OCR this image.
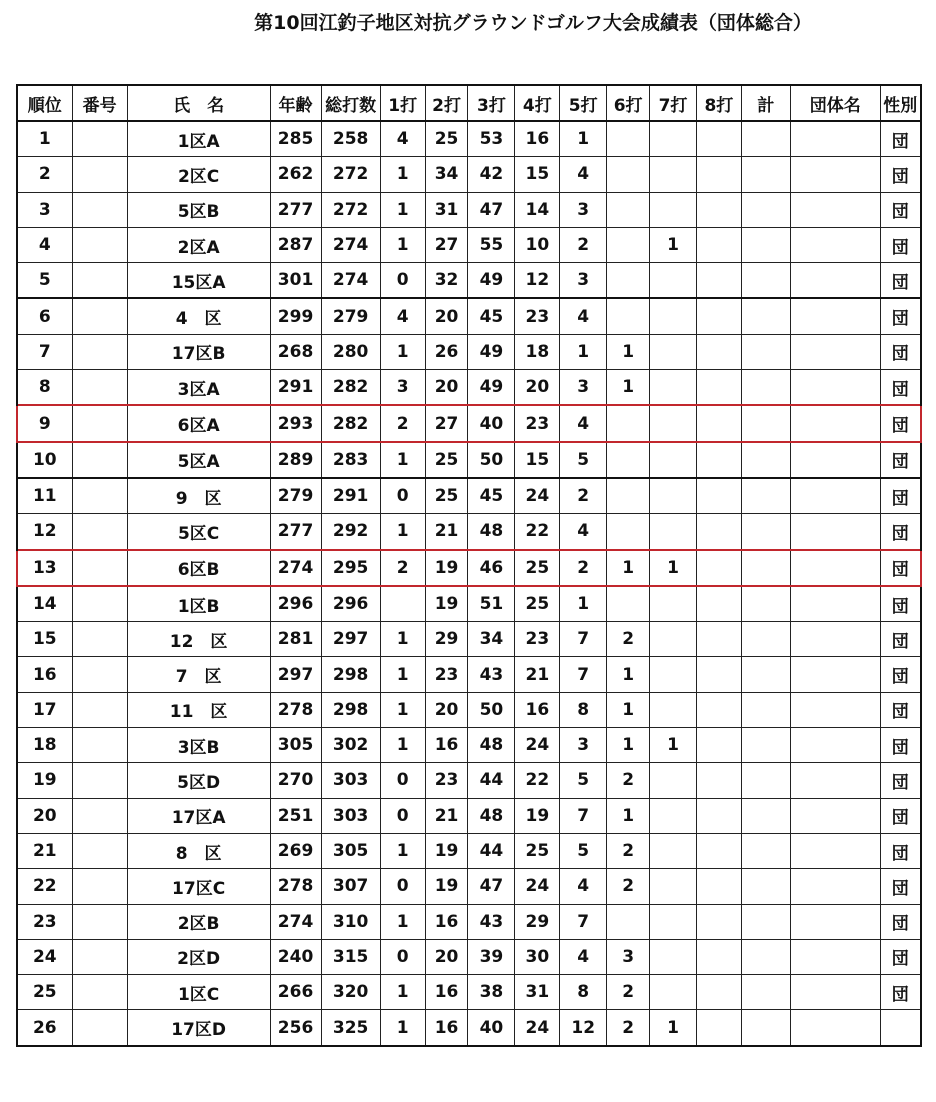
第10回江釣子地区対抗グラウンドゴルフ大会成績表（団体総合）
順位	番号	氏　名	年齢	総打数	1打	2打	3打	4打	5打	6打	7打	8打	計	団体名	性別
1		1区A	285	258	4	25	53	16	1						団
2		2区C	262	272	1	34	42	15	4						団
3		5区B	277	272	1	31	47	14	3						団
4		2区A	287	274	1	27	55	10	2		1				団
5		15区A	301	274	0	32	49	12	3						団
6		4　区	299	279	4	20	45	23	4						団
7		17区B	268	280	1	26	49	18	1	1					団
8		3区A	291	282	3	20	49	20	3	1					団
9		6区A	293	282	2	27	40	23	4						団
10		5区A	289	283	1	25	50	15	5						団
11		9　区	279	291	0	25	45	24	2						団
12		5区C	277	292	1	21	48	22	4						団
13		6区B	274	295	2	19	46	25	2	1	1				団
14		1区B	296	296		19	51	25	1						団
15		12　区	281	297	1	29	34	23	7	2					団
16		7　区	297	298	1	23	43	21	7	1					団
17		11　区	278	298	1	20	50	16	8	1					団
18		3区B	305	302	1	16	48	24	3	1	1				団
19		5区D	270	303	0	23	44	22	5	2					団
20		17区A	251	303	0	21	48	19	7	1					団
21		8　区	269	305	1	19	44	25	5	2					団
22		17区C	278	307	0	19	47	24	4	2					団
23		2区B	274	310	1	16	43	29	7						団
24		2区D	240	315	0	20	39	30	4	3					団
25		1区C	266	320	1	16	38	31	8	2					団
26		17区D	256	325	1	16	40	24	12	2	1				
